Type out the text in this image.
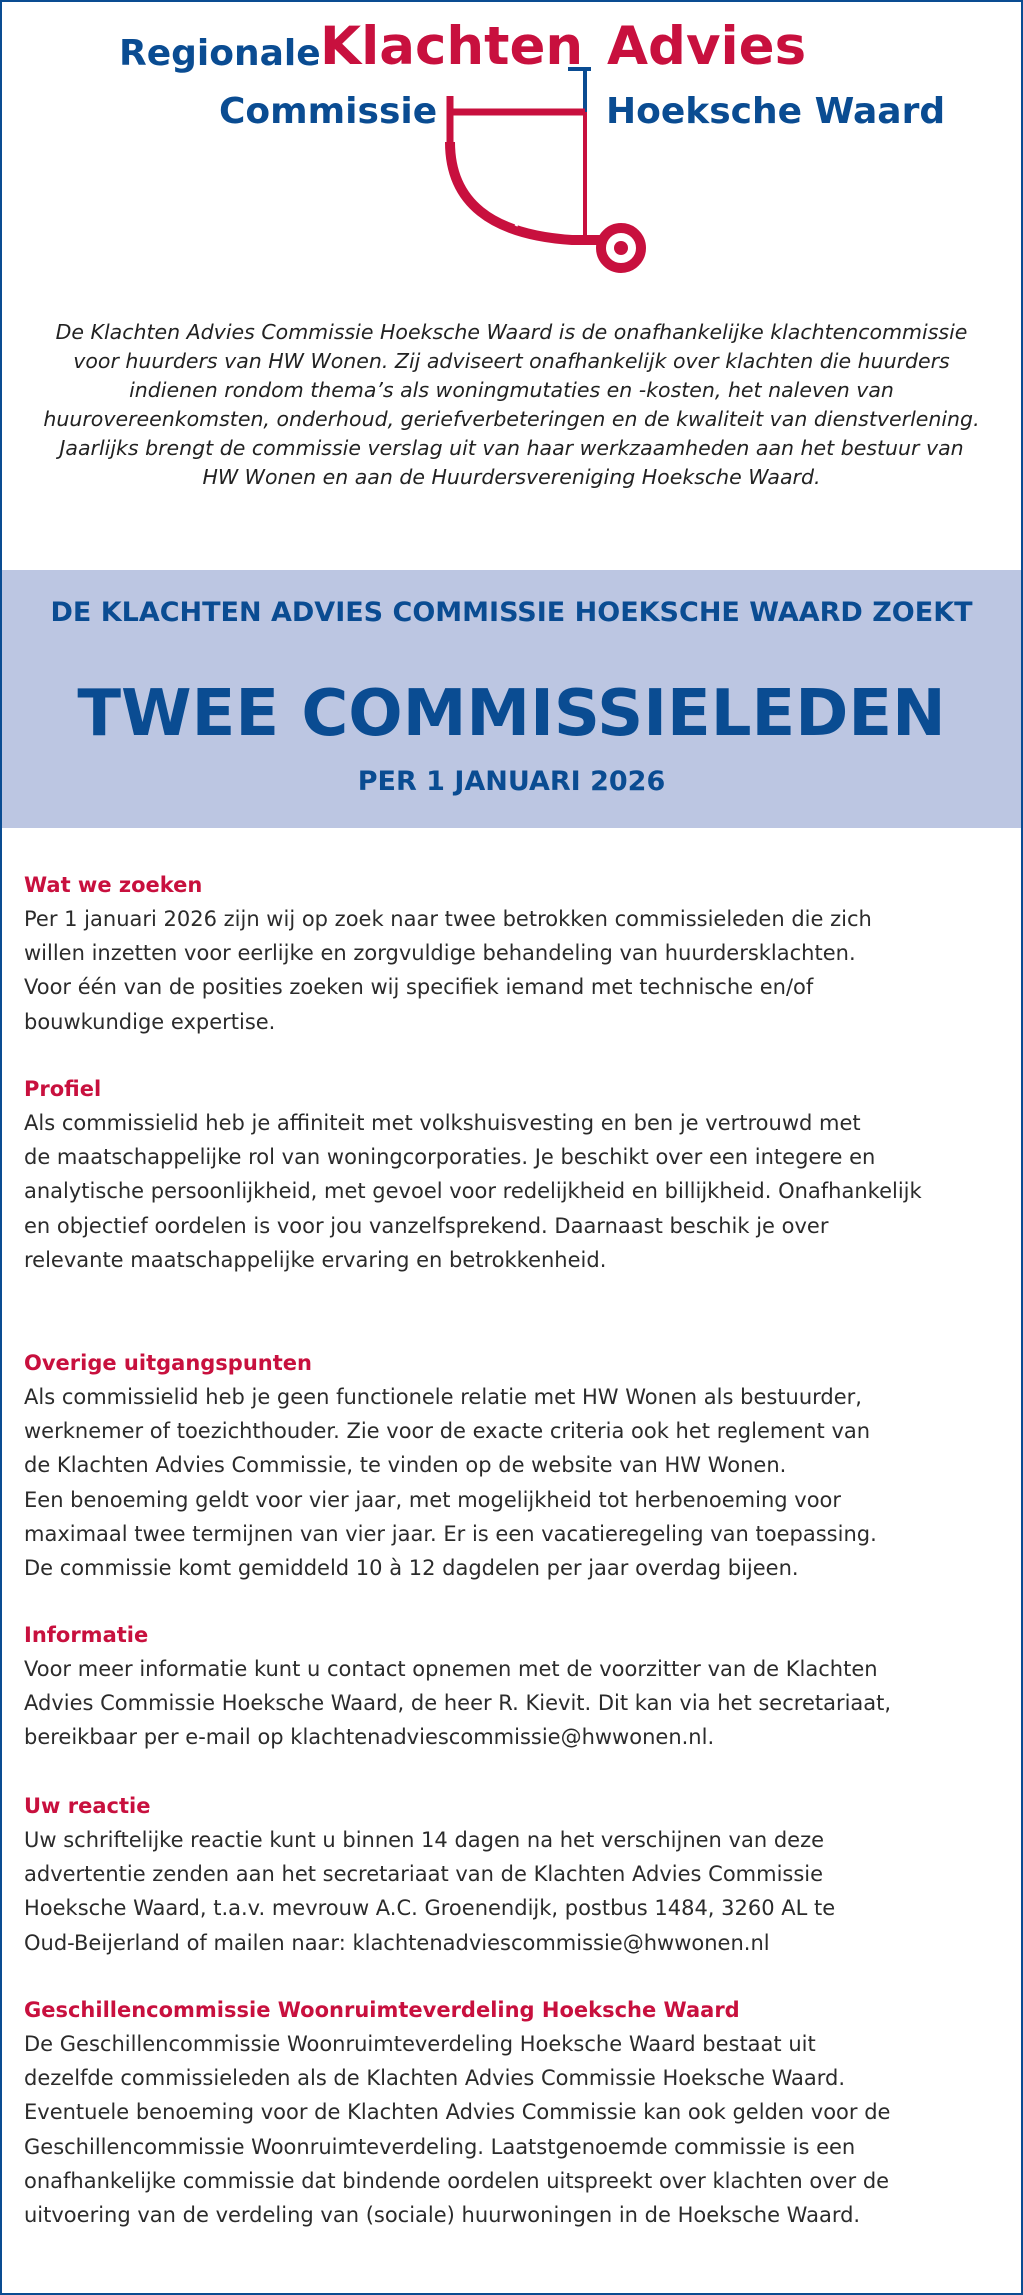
Regionale Klachten Advies
Commissie	Hoeksche Waard
De Klachten Advies Commissie Hoeksche Waard is de onafhankelijke klachtencommissie voor huurders van HW Wonen. Zij adviseert onafhankelijk over klachten die huurders indienen rondom thema’s als woningmutaties en -kosten, het naleven van huurovereenkomsten, onderhoud, geriefverbeteringen en de kwaliteit van dienstverlening. Jaarlijks brengt de commissie verslag uit van haar werkzaamheden aan het bestuur van HW Wonen en aan de Huurdersvereniging Hoeksche Waard.
DE KLACHTEN ADVIES COMMISSIE HOEKSCHE WAARD ZOEKT
TWEE COMMISSIELEDEN
PER 1 JANUARI 2026
Wat we zoeken

Per 1 januari 2026 zijn wij op zoek naar twee betrokken commissieleden die zich
willen inzetten voor eerlijke en zorgvuldige behandeling van huurdersklachten.
Voor één van de posities zoeken wij specifiek iemand met technische en/of
bouwkundige expertise.

Profiel

Als commissielid heb je affiniteit met volkshuisvesting en ben je vertrouwd met
de maatschappelijke rol van woningcorporaties. Je beschikt over een integere en
analytische persoonlijkheid, met gevoel voor redelijkheid en billijkheid. Onafhankelijk
en objectief oordelen is voor jou vanzelfsprekend. Daarnaast beschik je over
relevante maatschappelijke ervaring en betrokkenheid.

Overige uitgangspunten

Als commissielid heb je geen functionele relatie met HW Wonen als bestuurder,
werknemer of toezichthouder. Zie voor de exacte criteria ook het reglement van
de Klachten Advies Commissie, te vinden op de website van HW Wonen.
Een benoeming geldt voor vier jaar, met mogelijkheid tot herbenoeming voor
maximaal twee termijnen van vier jaar. Er is een vacatieregeling van toepassing.
De commissie komt gemiddeld 10 à 12 dagdelen per jaar overdag bijeen.

Informatie

Voor meer informatie kunt u contact opnemen met de voorzitter van de Klachten
Advies Commissie Hoeksche Waard, de heer R. Kievit. Dit kan via het secretariaat,
bereikbaar per e-mail op klachtenadviescommissie@hwwonen.nl.

Uw reactie

Uw schriftelijke reactie kunt u binnen 14 dagen na het verschijnen van deze
advertentie zenden aan het secretariaat van de Klachten Advies Commissie
Hoeksche Waard, t.a.v. mevrouw A.C. Groenendijk, postbus 1484, 3260 AL te
Oud-Beijerland of mailen naar: klachtenadviescommissie@hwwonen.nl

Geschillencommissie Woonruimteverdeling Hoeksche Waard

De Geschillencommissie Woonruimteverdeling Hoeksche Waard bestaat uit
dezelfde commissieleden als de Klachten Advies Commissie Hoeksche Waard.
Eventuele benoeming voor de Klachten Advies Commissie kan ook gelden voor de
Geschillencommissie Woonruimteverdeling. Laatstgenoemde commissie is een
onafhankelijke commissie dat bindende oordelen uitspreekt over klachten over de
uitvoering van de verdeling van (sociale) huurwoningen in de Hoeksche Waard.
